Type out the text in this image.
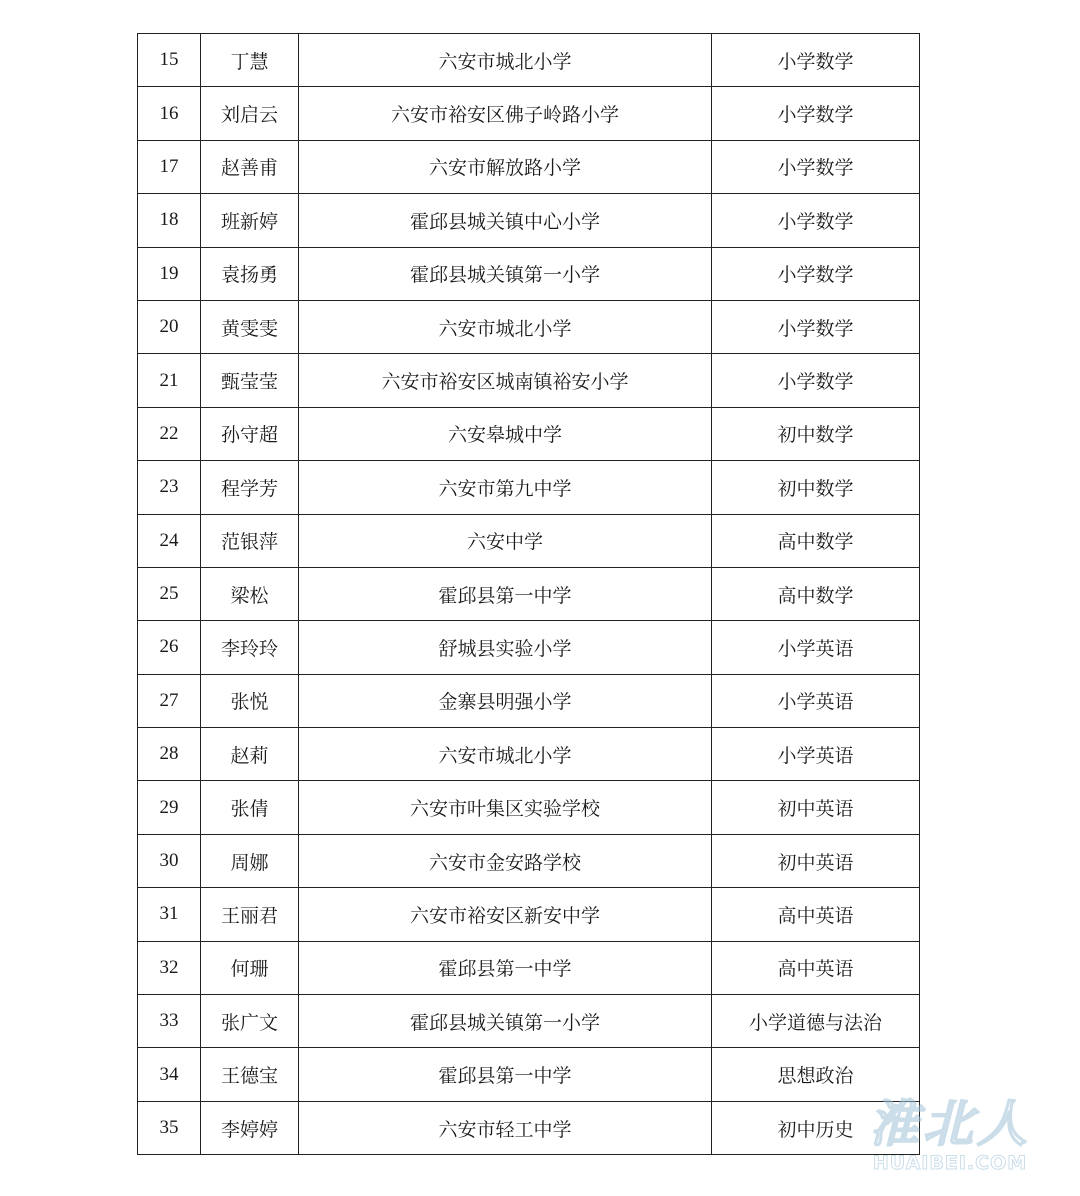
15	丁慧	六安市城北小学	小学数学
16	刘启云	六安市裕安区佛子岭路小学	小学数学
17	赵善甫	六安市解放路小学	小学数学
18	班新婷	霍邱县城关镇中心小学	小学数学
19	袁扬勇	霍邱县城关镇第一小学	小学数学
20	黄雯雯	六安市城北小学	小学数学
21	甄莹莹	六安市裕安区城南镇裕安小学	小学数学
22	孙守超	六安皋城中学	初中数学
23	程学芳	六安市第九中学	初中数学
24	范银萍	六安中学	高中数学
25	梁松	霍邱县第一中学	高中数学
26	李玲玲	舒城县实验小学	小学英语
27	张悦	金寨县明强小学	小学英语
28	赵莉	六安市城北小学	小学英语
29	张倩	六安市叶集区实验学校	初中英语
30	周娜	六安市金安路学校	初中英语
31	王丽君	六安市裕安区新安中学	高中英语
32	何珊	霍邱县第一中学	高中英语
33	张广文	霍邱县城关镇第一小学	小学道德与法治
34	王德宝	霍邱县第一中学	思想政治
35	李婷婷	六安市轻工中学	初中历史 淮北人
HUAIBEI.COM
